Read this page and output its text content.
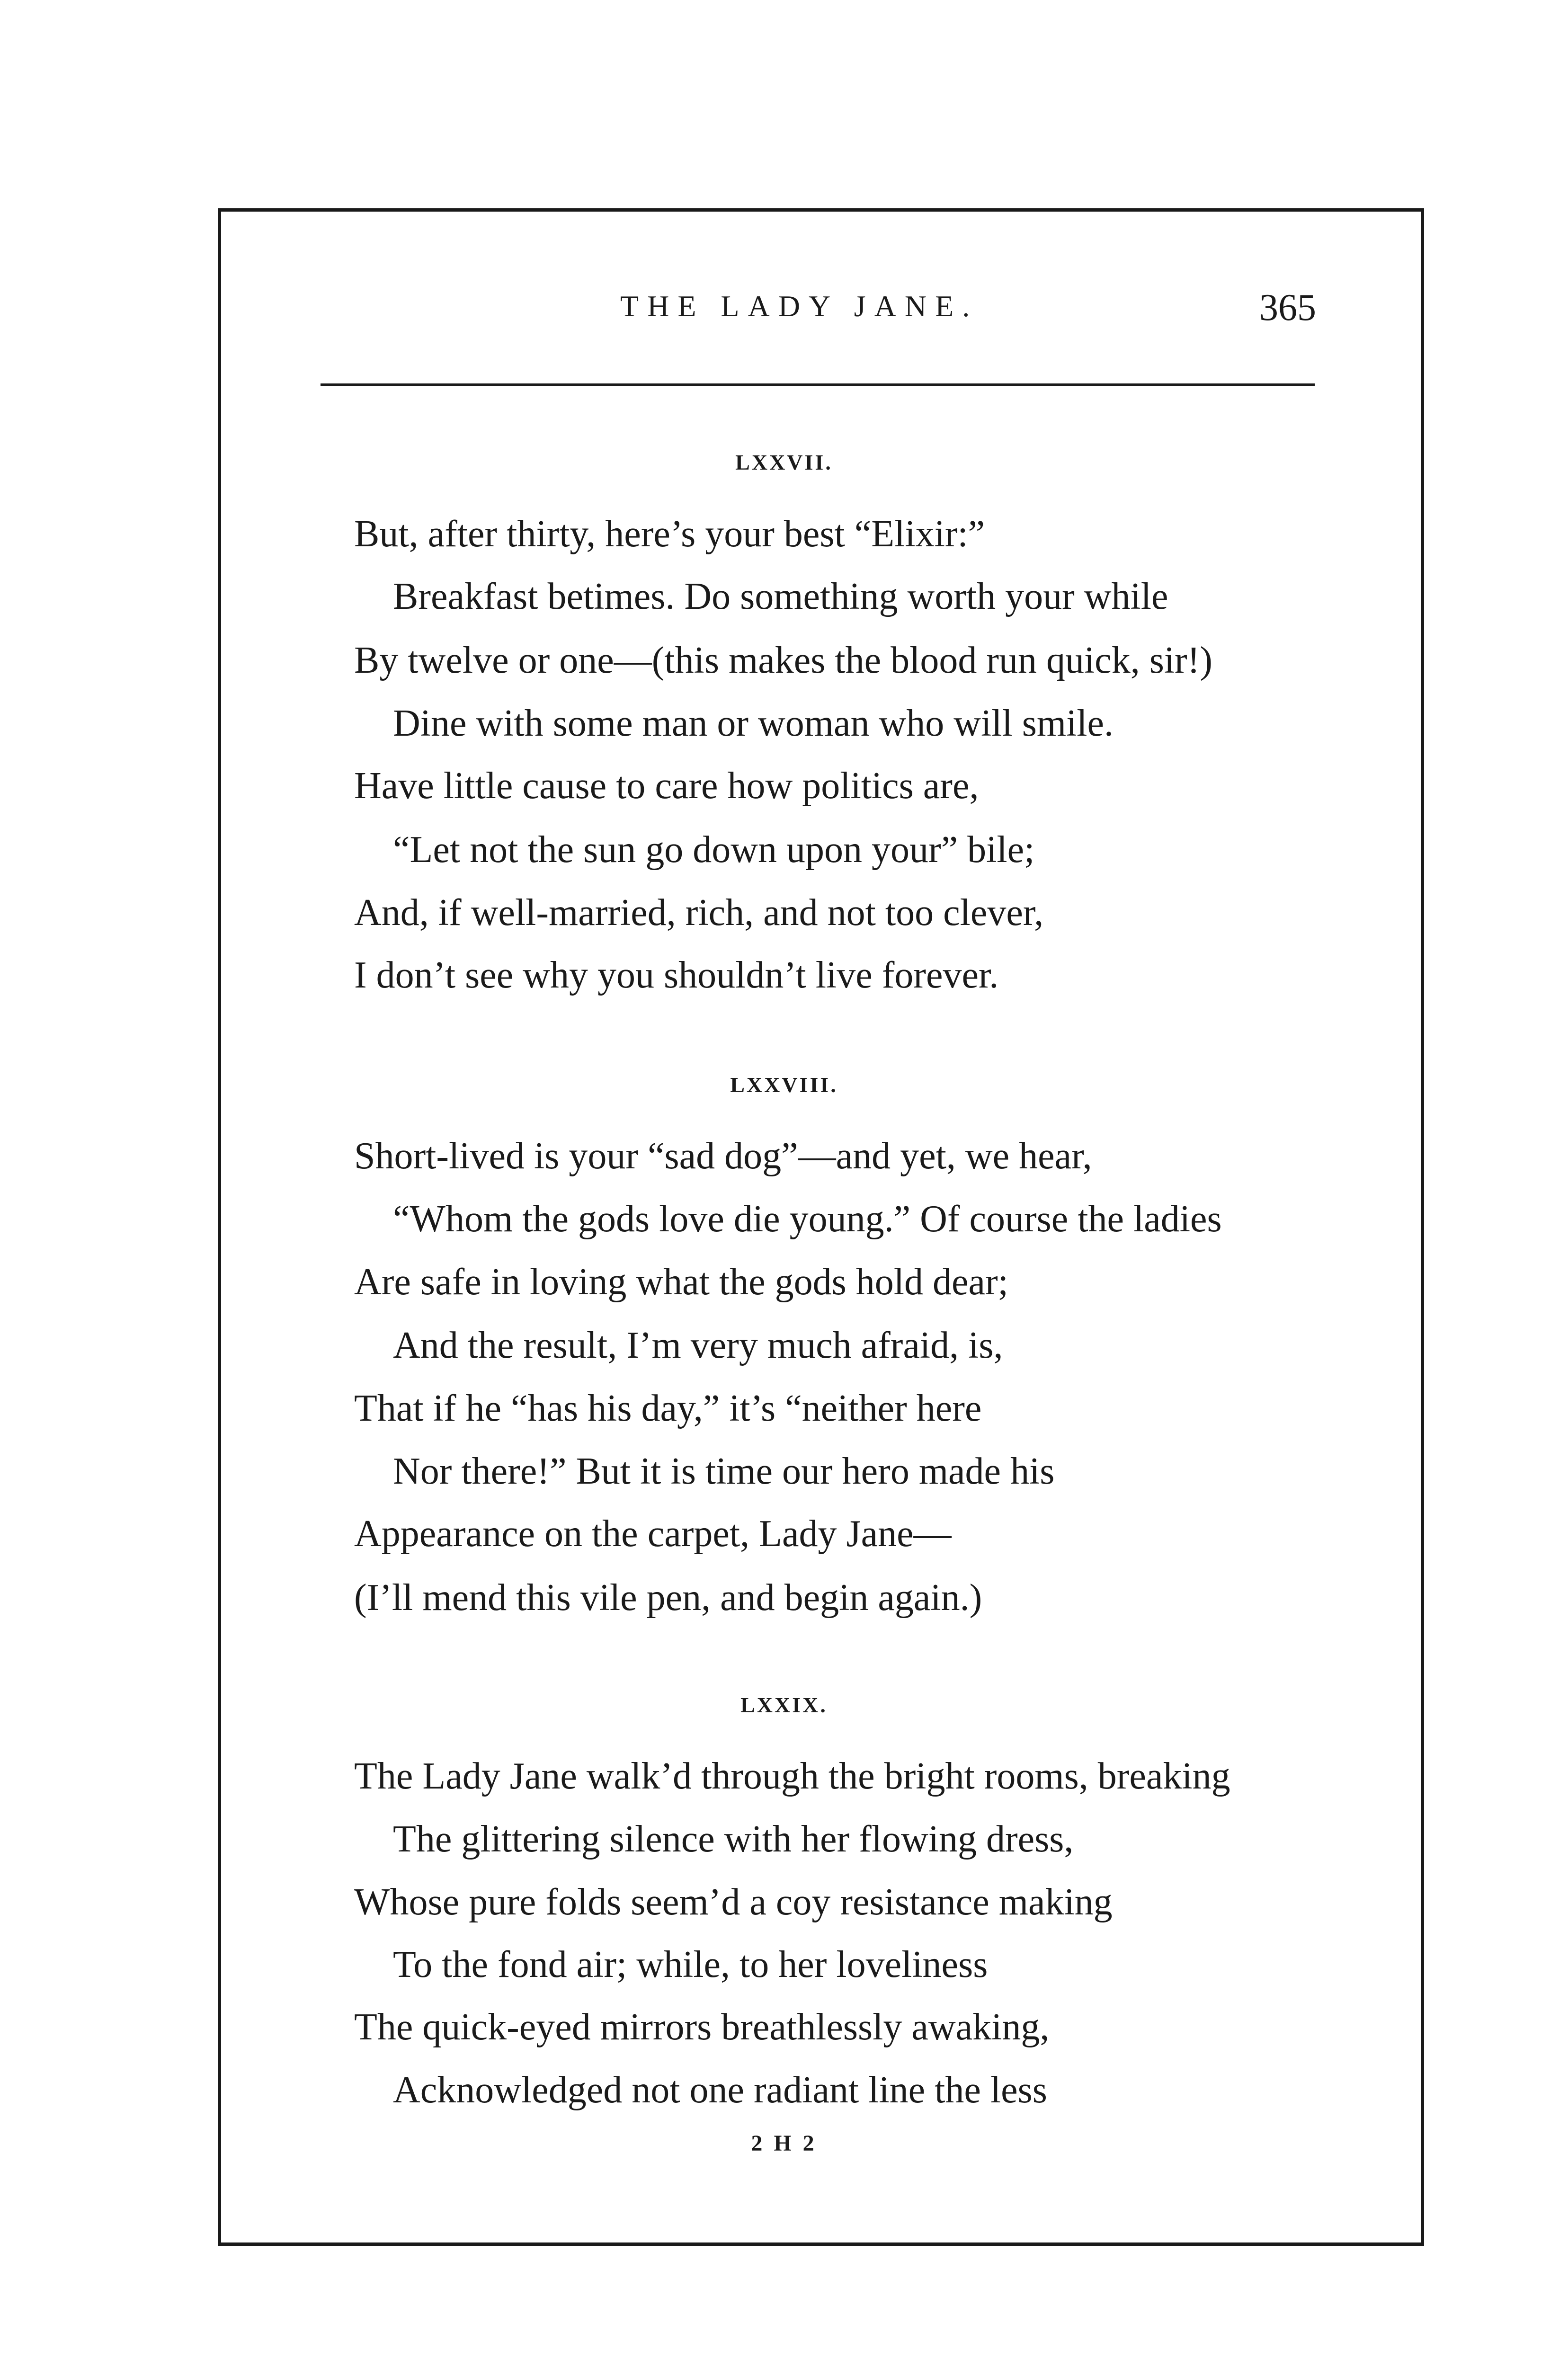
THE LADY JANE.	365
LXXVII.
But, after thirty, here’s your best “Elixir:”
Breakfast betimes. Do something worth your while
By twelve or one—(this makes the blood run quick, sir!)
Dine with some man or woman who will smile.
Have little cause to care how politics are,
“Let not the sun go down upon your” bile;
And, if well-married, rich, and not too clever,
I don’t see why you shouldn’t live forever.
LXXVIII.
Short-lived is your “sad dog”—and yet, we hear,
“Whom the gods love die young.” Of course the ladies
Are safe in loving what the gods hold dear;
And the result, I’m very much afraid, is,
That if he “has his day,” it’s “neither here
Nor there!” But it is time our hero made his
Appearance on the carpet, Lady Jane—
(I’ll mend this vile pen, and begin again.)
LXXIX.
The Lady Jane walk’d through the bright rooms, breaking
The glittering silence with her flowing dress,
Whose pure folds seem’d a coy resistance making
To the fond air; while, to her loveliness
The quick-eyed mirrors breathlessly awaking,
Acknowledged not one radiant line the less
2 H 2
